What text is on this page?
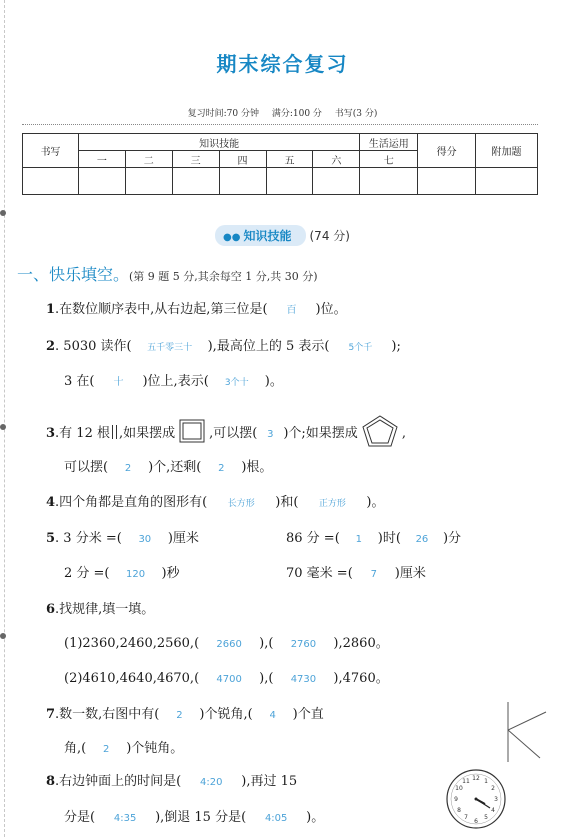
期末综合复习
复习时间:70 分钟 满分:100 分 书写(3 分)
书写	知识技能						生活运用	得分	附加题
	一	二	三	四	五	六	七		

●● 知识技能 (74 分)
一、快乐填空。(第 9 题 5 分,其余每空 1 分,共 30 分)
1.在数位顺序表中,从右边起,第三位是( 百 )位。
2. 5030 读作( 五千零三十 ),最高位上的 5 表示( 5个千 );
3 在( 十 )位上,表示( 3个十 )。
3.有 12 根 ,如果摆成	,可以摆( 3 )个;如果摆成	,
可以摆( 2 )个,还剩( 2 )根。
4.四个角都是直角的图形有( 长方形 )和( 正方形 )。
5. 3 分米 =( 30 )厘米	86 分 =( 1 )时( 26 )分
2 分 =( 120 )秒	70 毫米 =( 7 )厘米
6.找规律,填一填。
(1)2360,2460,2560,( 2660 ),( 2760 ),2860。
(2)4610,4640,4670,( 4700 ),( 4730 ),4760。
7.数一数,右图中有( 2 )个锐角,( 4 )个直
角,( 2 )个钝角。
8.右边钟面上的时间是( 4:20 ),再过 15
分是( 4:35 ),倒退 15 分是( 4:05 )。
12 1
2
3
4
5
6
7
8
9
10
11
